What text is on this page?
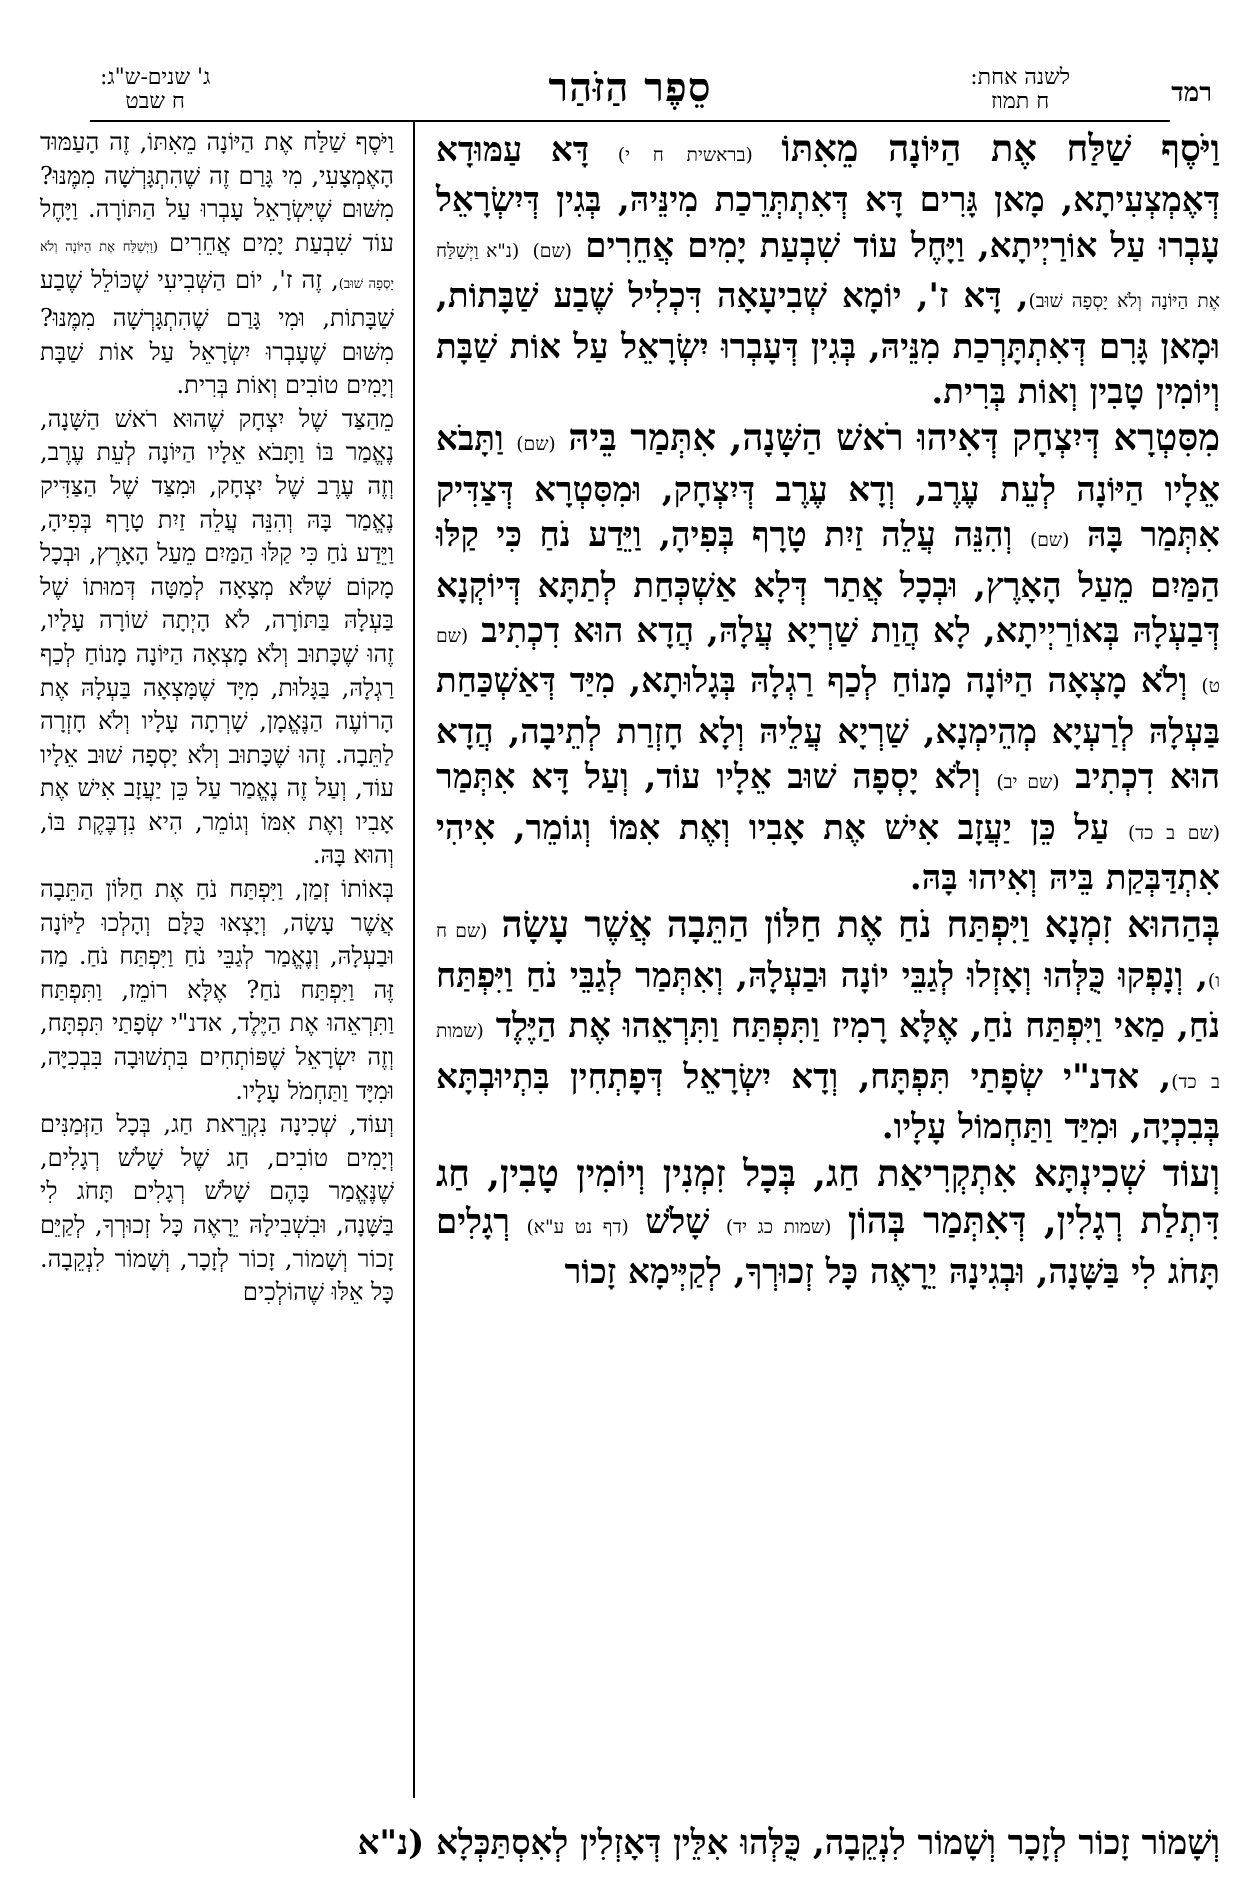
רמד
לשנה אחת:
ח תמוז
סֵפֶר הַזֹּהַר
ג' שנים-ש"ג:
ח שבט

וַיֹּסֶף שַׁלַּח אֶת הַיּוֹנָה מֵאִתּוֹ (בראשית ח י) דָּא עַמּוּדָא דְּאֶמְצְעִיתָא, מָאן גָּרִים דָּא דְּאִתְתְּרֵכַת מִינֵּיהּ, בְּגִין דְּיִשְׂרָאֵל עָבְרוּ עַל אוֹרַיְיתָא, וַיָּחֶל עוֹד שִׁבְעַת יָמִים אֲחֵרִים (שם) (נ"א וַיְשַׁלַּח אֶת הַיּוֹנָה וְלֹא יָסְפָה שׁוּב), דָּא ז', יוֹמָא שְׁבִיעָאָה דִּכְלִיל שֶׁבַע שַׁבָּתוֹת, וּמָאן גָּרִם דְּאִתְתָּרְכַת מִנֵּיהּ, בְּגִין דְּעָבְרוּ יִשְׂרָאֵל עַל אוֹת שַׁבָּת וְיוֹמִין טָבִין וְאוֹת בְּרִית.

מִסִּטְרָא דְּיִצְחָק דְּאִיהוּ רֹאשׁ הַשָּׁנָה, אִתְּמַר בֵּיהּ (שם) וַתָּבֹא אֵלָיו הַיּוֹנָה לְעֵת עֶרֶב, וְדָא עֶרֶב דְּיִצְחָק, וּמִסִּטְרָא דְּצַדִּיק אִתְּמַר בָּהּ (שם) וְהִנֵּה עֲלֵה זַיִת טָרָף בְּפִיהָ, וַיֵּדַע נֹחַ כִּי קַלּוּ הַמַּיִם מֵעַל הָאָרֶץ, וּבְכָל אֲתַר דְּלָא אַשְׁכְּחַת לְתַתָּא דְּיוֹקְנָא דְּבַעְלָהּ בְּאוֹרַיְיתָא, לָא הֲוַת שַׁרְיָא עֲלָהּ, הֲדָא הוּא דִכְתִיב (שם ט) וְלֹא מָצְאָה הַיּוֹנָה מָנוֹחַ לְכַף רַגְלָהּ בְּגָלוּתָא, מִיַּד דְּאַשְׁכַּחַת בַּעְלָהּ לְרַעְיָא מְהֵימְנָא, שַׁרְיָא עֲלֵיהּ וְלָא חָזְרַת לְתֵיבָה, הֲדָא הוּא דִכְתִיב (שם יב) וְלֹא יָסְפָה שׁוּב אֵלָיו עוֹד, וְעַל דָּא אִתְּמַר (שם ב כד) עַל כֵּן יַעֲזָב אִישׁ אֶת אָבִיו וְאֶת אִמּוֹ וְגוֹמֵר, אִיהִי אִתְדַּבְּקַת בֵּיהּ וְאִיהוּ בָּהּ.

בְּהַהוּא זִמְנָא וַיִּפְתַּח נֹחַ אֶת חַלּוֹן הַתֵּבָה אֲשֶׁר עָשָׂה (שם ח ו), וְנָפְקוּ כֻּלְּהוּ וְאָזְלוּ לְגַבֵּי יוֹנָה וּבַעְלָהּ, וְאִתְּמַר לְגַבֵּי נֹחַ וַיִּפְתַּח נֹחַ, מַאי וַיִּפְתַּח נֹחַ, אֶלָּא רָמִיז וַתִּפְתַּח וַתִּרְאֵהוּ אֶת הַיֶּלֶד (שמות ב כד), אדנ"י שְׂפָתַי תִּפְתָּח, וְדָא יִשְׂרָאֵל דְּפָתְחִין בִּתְיוּבְתָּא בְּבִכְיָה, וּמִיַּד וַתַּחְמוֹל עָלָיו.

וְעוֹד שְׁכִינְתָּא אִתְקְרִיאַת חַג, בְּכָל זִמְנִין וְיוֹמִין טָבִין, חַג דִּתְלַת רְגָלִין, דְּאִתְּמַר בְּהוֹן (שמות כג יד) שָׁלֹשׁ (דף נט ע"א) רְגָלִים תָּחֹג לִי בַּשָּׁנָה, וּבְגִינָהּ יֵרָאֶה כָּל זְכוּרְךָ, לְקַיְּימָא זָכוֹר

וַיֹּסֶף שַׁלַּח אֶת הַיּוֹנָה מֵאִתּוֹ, זֶה הָעַמּוּד הָאֶמְצָעִי, מִי גָּרַם זֶה שֶׁהִתְגָּרְשָׁה מִמֶּנּוּ? מִשּׁוּם שֶׁיִּשְׂרָאֵל עָבְרוּ עַל הַתּוֹרָה. וַיָּחֶל עוֹד שִׁבְעַת יָמִים אֲחֵרִים (וַיְשַׁלַּח אֶת הַיּוֹנָה וְלֹא יָסְפָה שׁוּב), זֶה ז', יוֹם הַשְּׁבִיעִי שֶׁכּוֹלֵל שֶׁבַע שַׁבָּתוֹת, וּמִי גָּרַם שֶׁהִתְגָּרְשָׁה מִמֶּנּוּ? מִשּׁוּם שֶׁעָבְרוּ יִשְׂרָאֵל עַל אוֹת שַׁבָּת וְיָמִים טוֹבִים וְאוֹת בְּרִית.

מֵהַצַּד שֶׁל יִצְחָק שֶׁהוּא רֹאשׁ הַשָּׁנָה, נֶאֱמַר בּוֹ וַתָּבֹא אֵלָיו הַיּוֹנָה לְעֵת עֶרֶב, וְזֶה עֶרֶב שֶׁל יִצְחָק, וּמִצַּד שֶׁל הַצַּדִּיק נֶאֱמַר בָּהּ וְהִנֵּה עֲלֵה זַיִת טָרָף בְּפִיהָ, וַיֵּדַע נֹחַ כִּי קַלּוּ הַמַּיִם מֵעַל הָאָרֶץ, וּבְכָל מָקוֹם שֶׁלֹּא מְצָאָה לְמַטָּה דְּמוּתוֹ שֶׁל בַּעְלָהּ בַּתּוֹרָה, לֹא הָיְתָה שׁוֹרָה עָלָיו, זֶהוּ שֶׁכָּתוּב וְלֹא מָצְאָה הַיּוֹנָה מָנוֹחַ לְכַף רַגְלָהּ, בַּגָּלוּת, מִיָּד שֶׁמָּצְאָה בַּעְלָהּ אֶת הָרוֹעֶה הַנֶּאֱמָן, שָׁרְתָה עָלָיו וְלֹא חָזְרָה לַתֵּבָה. זֶהוּ שֶׁכָּתוּב וְלֹא יָסְפָה שׁוּב אֵלָיו עוֹד, וְעַל זֶה נֶאֱמַר עַל כֵּן יַעֲזָב אִישׁ אֶת אָבִיו וְאֶת אִמּוֹ וְגוֹמֵר, הִיא נִדְבֶּקֶת בּוֹ, וְהוּא בָּהּ.

בְּאוֹתוֹ זְמַן, וַיִּפְתַּח נֹחַ אֶת חַלּוֹן הַתֵּבָה אֲשֶׁר עָשָׂה, וְיָצְאוּ כֻּלָּם וְהָלְכוּ לַיּוֹנָה וּבַעְלָהּ, וְנֶאֱמַר לְגַבֵּי נֹחַ וַיִּפְתַּח נֹחַ. מַה זֶּה וַיִּפְתַּח נֹחַ? אֶלָּא רוֹמֵז, וַתִּפְתַּח וַתִּרְאֵהוּ אֶת הַיֶּלֶד, אדנ"י שְׂפָתַי תִּפְתָּח, וְזֶה יִשְׂרָאֵל שֶׁפּוֹתְחִים בִּתְשׁוּבָה בִּבְכִיָּה, וּמִיָּד וַתַּחְמֹל עָלָיו.

וְעוֹד, שְׁכִינָה נִקְרֵאת חַג, בְּכָל הַזְּמַנִּים וְיָמִים טוֹבִים, חַג שֶׁל שָׁלֹשׁ רְגָלִים, שֶׁנֶּאֱמַר בָּהֶם שָׁלֹשׁ רְגָלִים תָּחֹג לִי בַּשָּׁנָה, וּבִשְׁבִילָהּ יֵרָאֶה כָּל זְכוּרְךָ, לְקַיֵּם זָכוֹר וְשָׁמוֹר, זָכוֹר לְזָכָר, וְשָׁמוֹר לִנְקֵבָה. כָּל אֵלּוּ שֶׁהוֹלְכִים

וְשָׁמוֹר זָכוֹר לְזָכָר וְשָׁמוֹר לִנְקֵבָה, כֻּלְּהוּ אִלֵּין דְּאָזְלִין לְאִסְתַּכְּלָא (נ"א
